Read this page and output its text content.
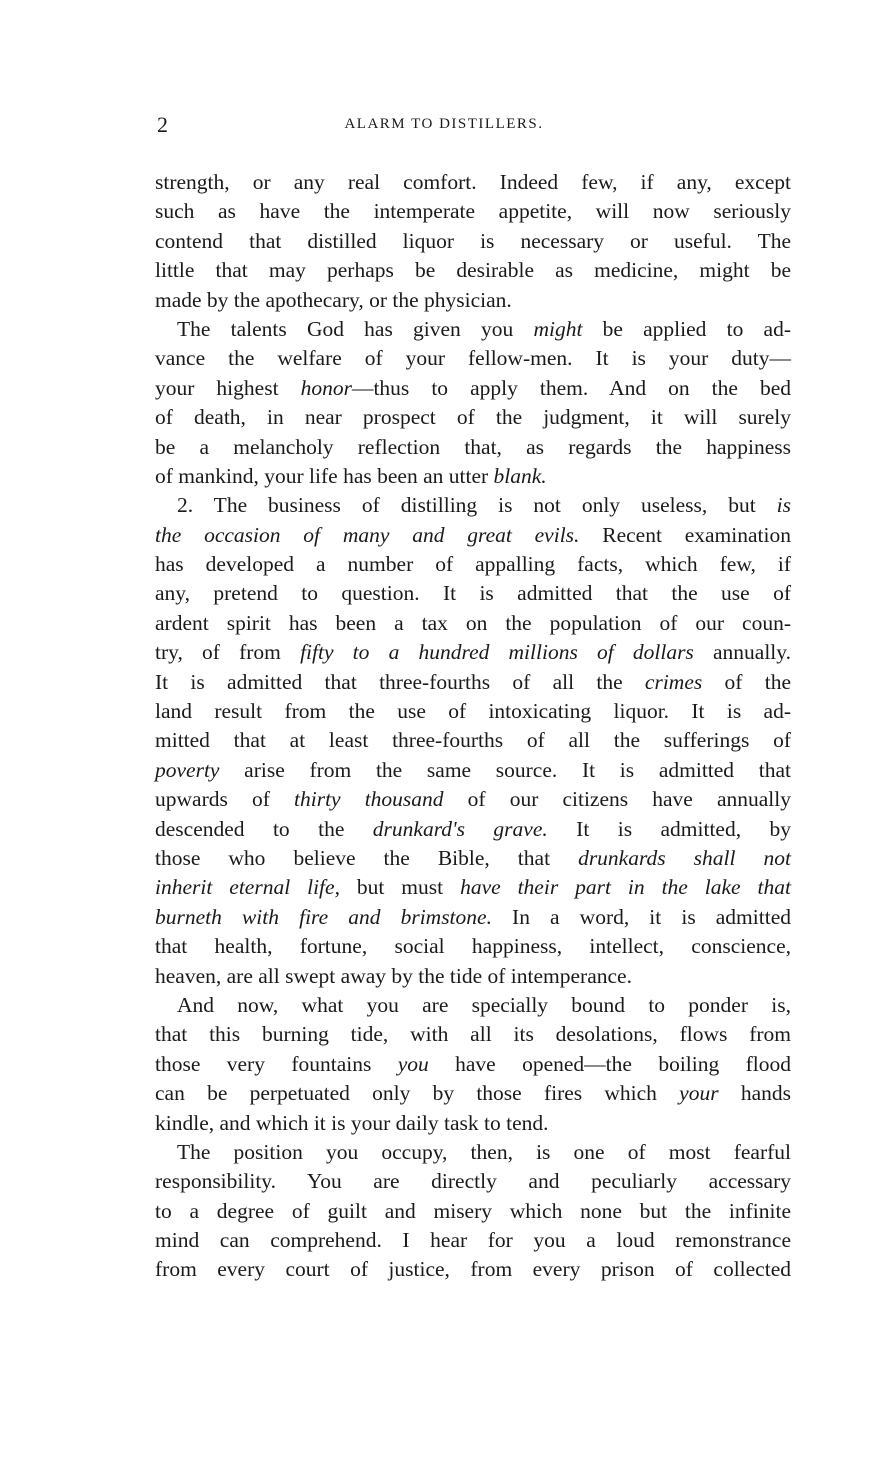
2	ALARM TO DISTILLERS.
strength, or any real comfort. Indeed few, if any, except
such as have the intemperate appetite, will now seriously
contend that distilled liquor is necessary or useful. The
little that may perhaps be desirable as medicine, might be
made by the apothecary, or the physician.
The talents God has given you might be applied to ad-
vance the welfare of your fellow-men. It is your duty—
your highest honor—thus to apply them. And on the bed
of death, in near prospect of the judgment, it will surely
be a melancholy reflection that, as regards the happiness
of mankind, your life has been an utter blank.
2. The business of distilling is not only useless, but is
the occasion of many and great evils. Recent examination
has developed a number of appalling facts, which few, if
any, pretend to question. It is admitted that the use of
ardent spirit has been a tax on the population of our coun-
try, of from fifty to a hundred millions of dollars annually.
It is admitted that three-fourths of all the crimes of the
land result from the use of intoxicating liquor. It is ad-
mitted that at least three-fourths of all the sufferings of
poverty arise from the same source. It is admitted that
upwards of thirty thousand of our citizens have annually
descended to the drunkard's grave. It is admitted, by
those who believe the Bible, that drunkards shall not
inherit eternal life, but must have their part in the lake that
burneth with fire and brimstone. In a word, it is admitted
that health, fortune, social happiness, intellect, conscience,
heaven, are all swept away by the tide of intemperance.
And now, what you are specially bound to ponder is,
that this burning tide, with all its desolations, flows from
those very fountains you have opened—the boiling flood
can be perpetuated only by those fires which your hands
kindle, and which it is your daily task to tend.
The position you occupy, then, is one of most fearful
responsibility. You are directly and peculiarly accessary
to a degree of guilt and misery which none but the infinite
mind can comprehend. I hear for you a loud remonstrance
from every court of justice, from every prison of collected
